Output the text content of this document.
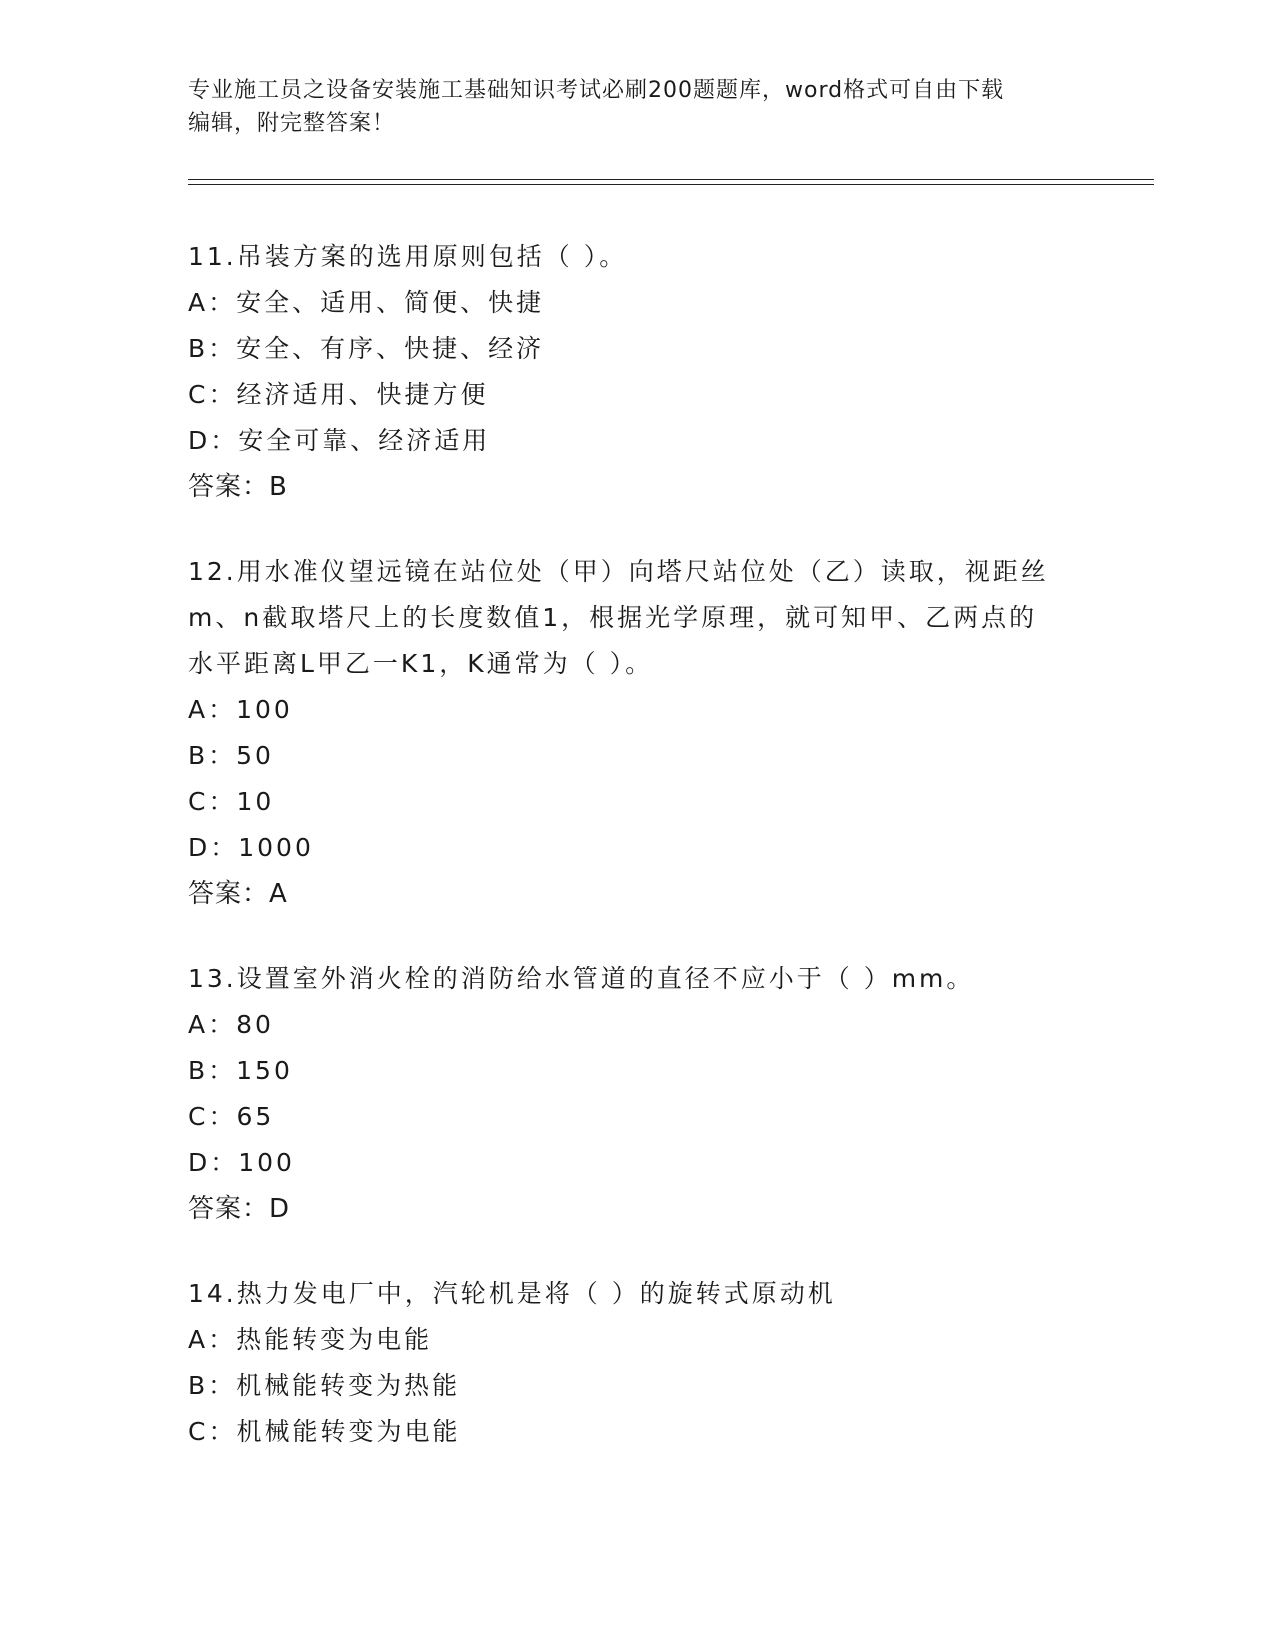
专业施工员之设备安装施工基础知识考试必刷200题题库，word格式可自由下载
编辑，附完整答案！
11.吊装方案的选用原则包括（ ）。
A：安全、适用、简便、快捷
B：安全、有序、快捷、经济
C：经济适用、快捷方便
D：安全可靠、经济适用
答案：B
12.用水准仪望远镜在站位处（甲）向塔尺站位处（乙）读取，视距丝
m、n截取塔尺上的长度数值1，根据光学原理，就可知甲、乙两点的
水平距离L甲乙一K1，K通常为（ ）。
A：100
B：50
C：10
D：1000
答案：A
13.设置室外消火栓的消防给水管道的直径不应小于（ ）mm。
A：80
B：150
C：65
D：100
答案：D
14.热力发电厂中，汽轮机是将（ ）的旋转式原动机
A：热能转变为电能
B：机械能转变为热能
C：机械能转变为电能
